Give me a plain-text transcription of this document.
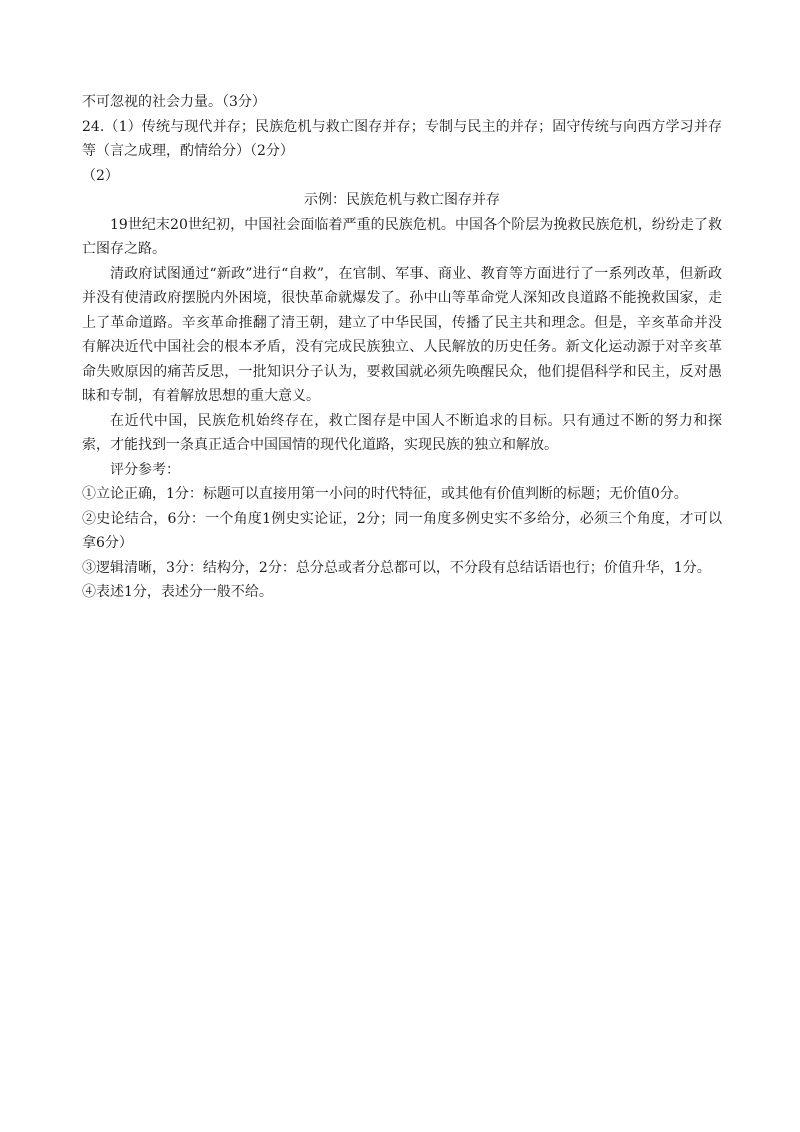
不可忽视的社会力量。（3分）
24.（1）传统与现代并存；民族危机与救亡图存并存；专制与民主的并存；固守传统与向西方学习并存等（言之成理，酌情给分）（2分）
（2）
示例：民族危机与救亡图存并存
19世纪末20世纪初，中国社会面临着严重的民族危机。中国各个阶层为挽救民族危机，纷纷走了救亡图存之路。
清政府试图通过“新政”进行“自救”，在官制、军事、商业、教育等方面进行了一系列改革，但新政并没有使清政府摆脱内外困境，很快革命就爆发了。孙中山等革命党人深知改良道路不能挽救国家，走上了革命道路。辛亥革命推翻了清王朝，建立了中华民国，传播了民主共和理念。但是，辛亥革命并没有解决近代中国社会的根本矛盾，没有完成民族独立、人民解放的历史任务。新文化运动源于对辛亥革命失败原因的痛苦反思，一批知识分子认为，要救国就必须先唤醒民众，他们提倡科学和民主，反对愚昧和专制，有着解放思想的重大意义。
在近代中国，民族危机始终存在，救亡图存是中国人不断追求的目标。只有通过不断的努力和探索，才能找到一条真正适合中国国情的现代化道路，实现民族的独立和解放。
评分参考：
①立论正确，1分：标题可以直接用第一小问的时代特征，或其他有价值判断的标题；无价值0分。
②史论结合，6分：一个角度1例史实论证，2分；同一角度多例史实不多给分，必须三个角度，才可以拿6分）
③逻辑清晰，3分：结构分，2分：总分总或者分总都可以，不分段有总结话语也行；价值升华，1分。
④表述1分，表述分一般不给。
